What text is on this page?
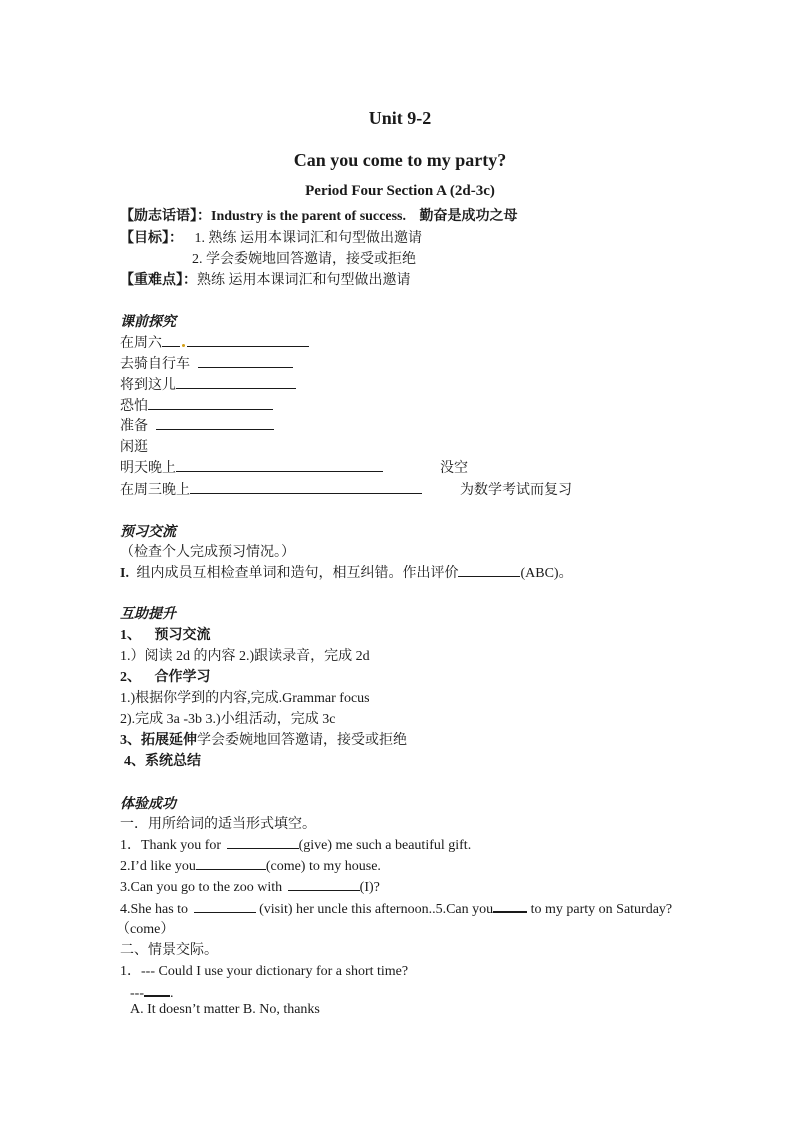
Unit 9-2
Can you come to my party?
Period Four Section A (2d-3c)
【励志话语】：Industry is the parent of success. 勤奋是成功之母
【目标】： 1. 熟练 运用本课词汇和句型做出邀请
2. 学会委婉地回答邀请，接受或拒绝
【重难点】：熟练 运用本课词汇和句型做出邀请
课前探究
在周六
去骑自行车
将到这儿
恐怕
准备
闲逛
明天晚上	没空
在周三晚上	为数学考试而复习
预习交流
（检查个人完成预习情况。）
I. 组内成员互相检查单词和造句，相互纠错。作出评价	(ABC)。
互助提升
1、 预习交流
1.）阅读 2d 的内容 2.)跟读录音，完成 2d
2、 合作学习
1.)根据你学到的内容,完成.Grammar focus
2).完成 3a -3b 3.)小组活动，完成 3c
3、拓展延伸学会委婉地回答邀请，接受或拒绝
4、系统总结
体验成功
一．用所给词的适当形式填空。
1．Thank you for	(give) me such a beautiful gift.
2.I’d like you	(come) to my house.
3.Can you go to the zoo with	(I)?
4.She has to	(visit) her uncle this afternoon..5.Can you	to my party on Saturday?
（come）
二、情景交际。
1．--- Could I use your dictionary for a short time?
--- .
A. It doesn’t matter B. No, thanks
